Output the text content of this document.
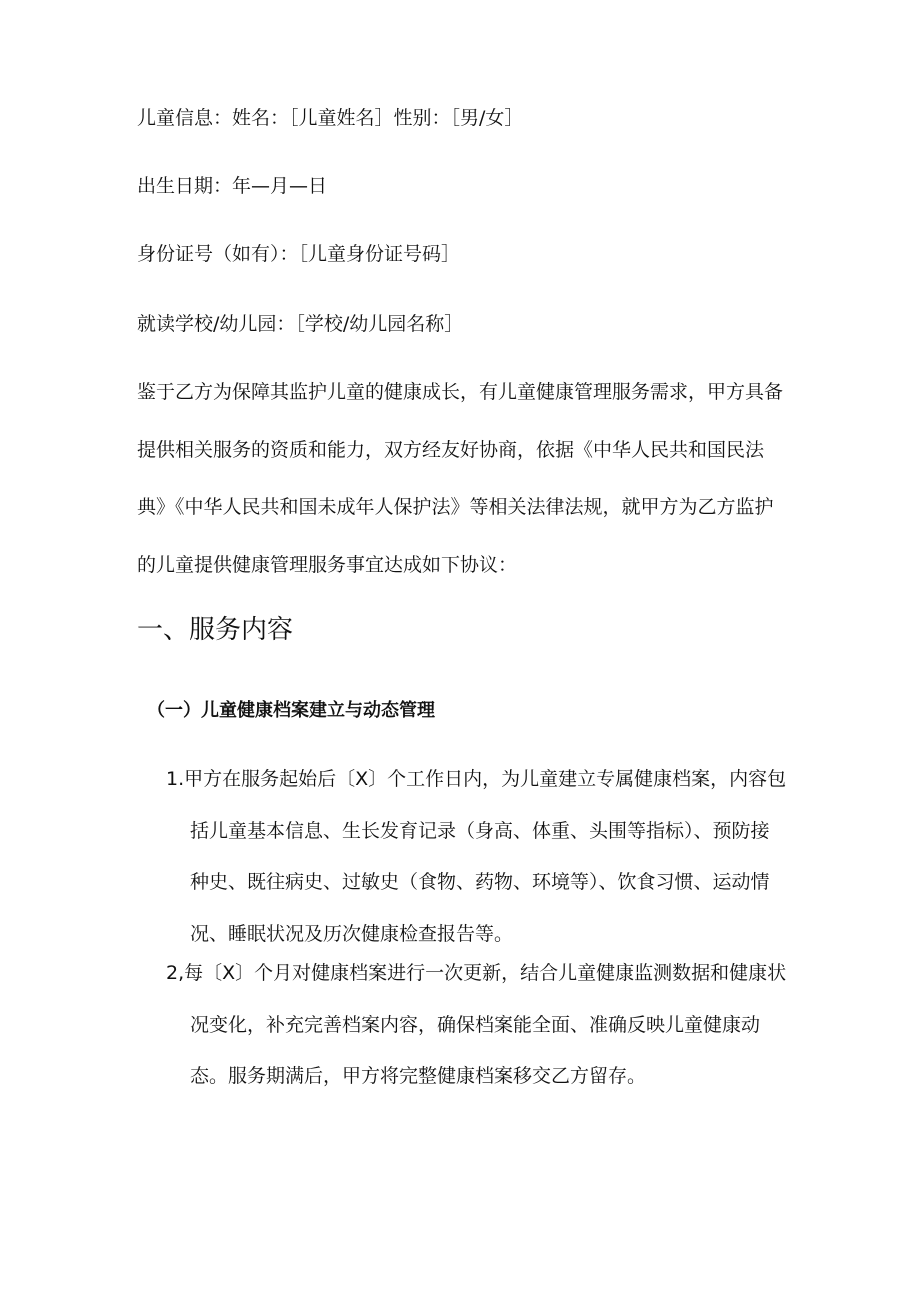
儿童信息：姓名：［儿童姓名］性别：［男/女］
出生日期：年—月—日
身份证号（如有）：［儿童身份证号码］
就读学校/幼儿园：［学校/幼儿园名称］
鉴于乙方为保障其监护儿童的健康成长，有儿童健康管理服务需求，甲方具备
提供相关服务的资质和能力，双方经友好协商，依据《中华人民共和国民法
典》《中华人民共和国未成年人保护法》等相关法律法规，就甲方为乙方监护
的儿童提供健康管理服务事宜达成如下协议：
一、服务内容
（一）儿童健康档案建立与动态管理
1.甲方在服务起始后〔X〕个工作日内，为儿童建立专属健康档案，内容包
括儿童基本信息、生长发育记录（身高、体重、头围等指标）、预防接
种史、既往病史、过敏史（食物、药物、环境等）、饮食习惯、运动情
况、睡眠状况及历次健康检查报告等。
2,每〔X〕个月对健康档案进行一次更新，结合儿童健康监测数据和健康状
况变化，补充完善档案内容，确保档案能全面、准确反映儿童健康动
态。服务期满后，甲方将完整健康档案移交乙方留存。
